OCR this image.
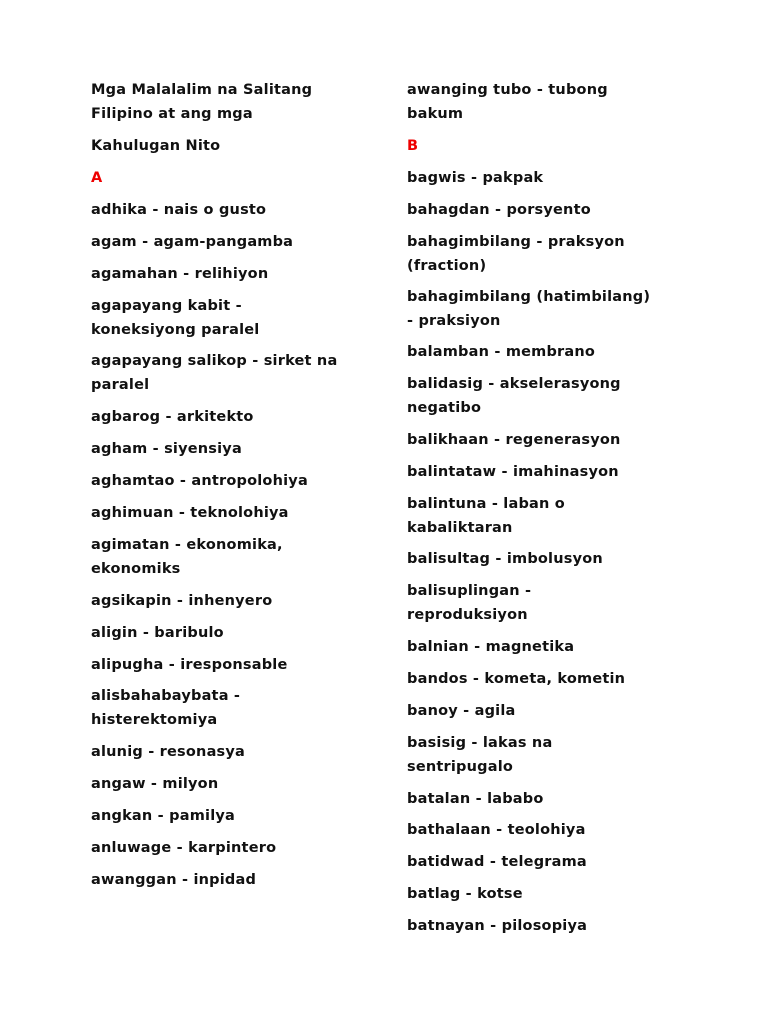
Mga Malalalim na Salitang
Filipino at ang mga
Kahulugan Nito
A
adhika - nais o gusto
agam - agam-pangamba
agamahan - relihiyon
agapayang kabit - koneksiyong paralel
agapayang salikop - sirket na paralel
agbarog - arkitekto
agham - siyensiya
aghamtao - antropolohiya
aghimuan - teknolohiya
agimatan - ekonomika, ekonomiks
agsikapin - inhenyero
aligin - baribulo
alipugha - iresponsable
alisbahabaybata - histerektomiya
alunig - resonasya
angaw - milyon
angkan - pamilya
anluwage - karpintero
awanggan - inpidad
awanging tubo - tubong bakum
B
bagwis - pakpak
bahagdan - porsyento
bahagimbilang - praksyon (fraction)
bahagimbilang (hatimbilang) - praksiyon
balamban - membrano
balidasig - akselerasyong negatibo
balikhaan - regenerasyon
balintataw - imahinasyon
balintuna - laban o kabaliktaran
balisultag - imbolusyon
balisuplingan - reproduksiyon
balnian - magnetika
bandos - kometa, kometin
banoy - agila
basisig - lakas na sentripugalo
batalan - lababo
bathalaan - teolohiya
batidwad - telegrama
batlag - kotse
batnayan - pilosopiya
